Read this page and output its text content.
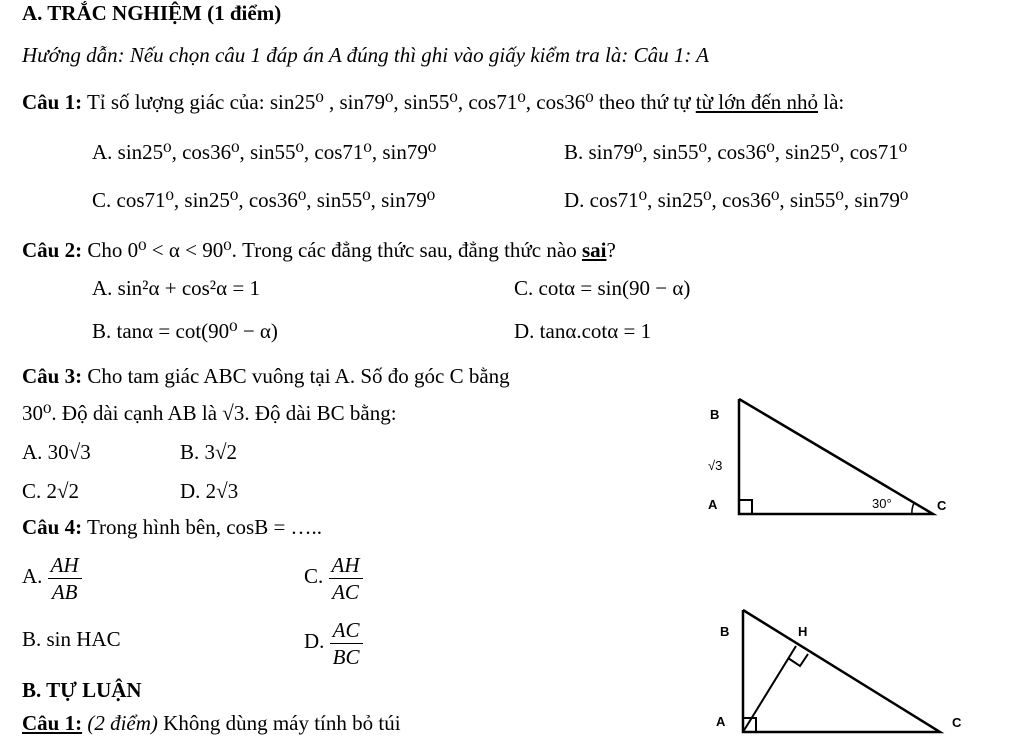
A. TRẮC NGHIỆM (1 điểm)
Hướng dẫn: Nếu chọn câu 1 đáp án A đúng thì ghi vào giấy kiểm tra là: Câu 1: A
Câu 1: Tỉ số lượng giác của: sin25⁰ , sin79⁰, sin55⁰, cos71⁰, cos36⁰ theo thứ tự từ lớn đến nhỏ là:
A. sin25⁰, cos36⁰, sin55⁰, cos71⁰, sin79⁰	B. sin79⁰, sin55⁰, cos36⁰, sin25⁰, cos71⁰
C. cos71⁰, sin25⁰, cos36⁰, sin55⁰, sin79⁰	D. cos71⁰, sin25⁰, cos36⁰, sin55⁰, sin79⁰
Câu 2: Cho 0⁰ < α < 90⁰. Trong các đẳng thức sau, đẳng thức nào sai?
A. sin²α + cos²α = 1	C. cotα = sin(90 − α)
B. tanα = cot(90⁰ − α)	D. tanα.cotα = 1
Câu 3: Cho tam giác ABC vuông tại A. Số đo góc C bằng
30⁰. Độ dài cạnh AB là √3. Độ dài BC bằng:
A. 30√3	B. 3√2
C. 2√2	D. 2√3
B
√3
A	30°	C
Câu 4: Trong hình bên, cosB = …..
A. $\frac{AH}{AB}$	C. $\frac{AH}{AC}$
B. sin HAC	D. $\frac{AC}{BC}$	B	H
A	C
B. TỰ LUẬN
Câu 1: (2 điểm) Không dùng máy tính bỏ túi
